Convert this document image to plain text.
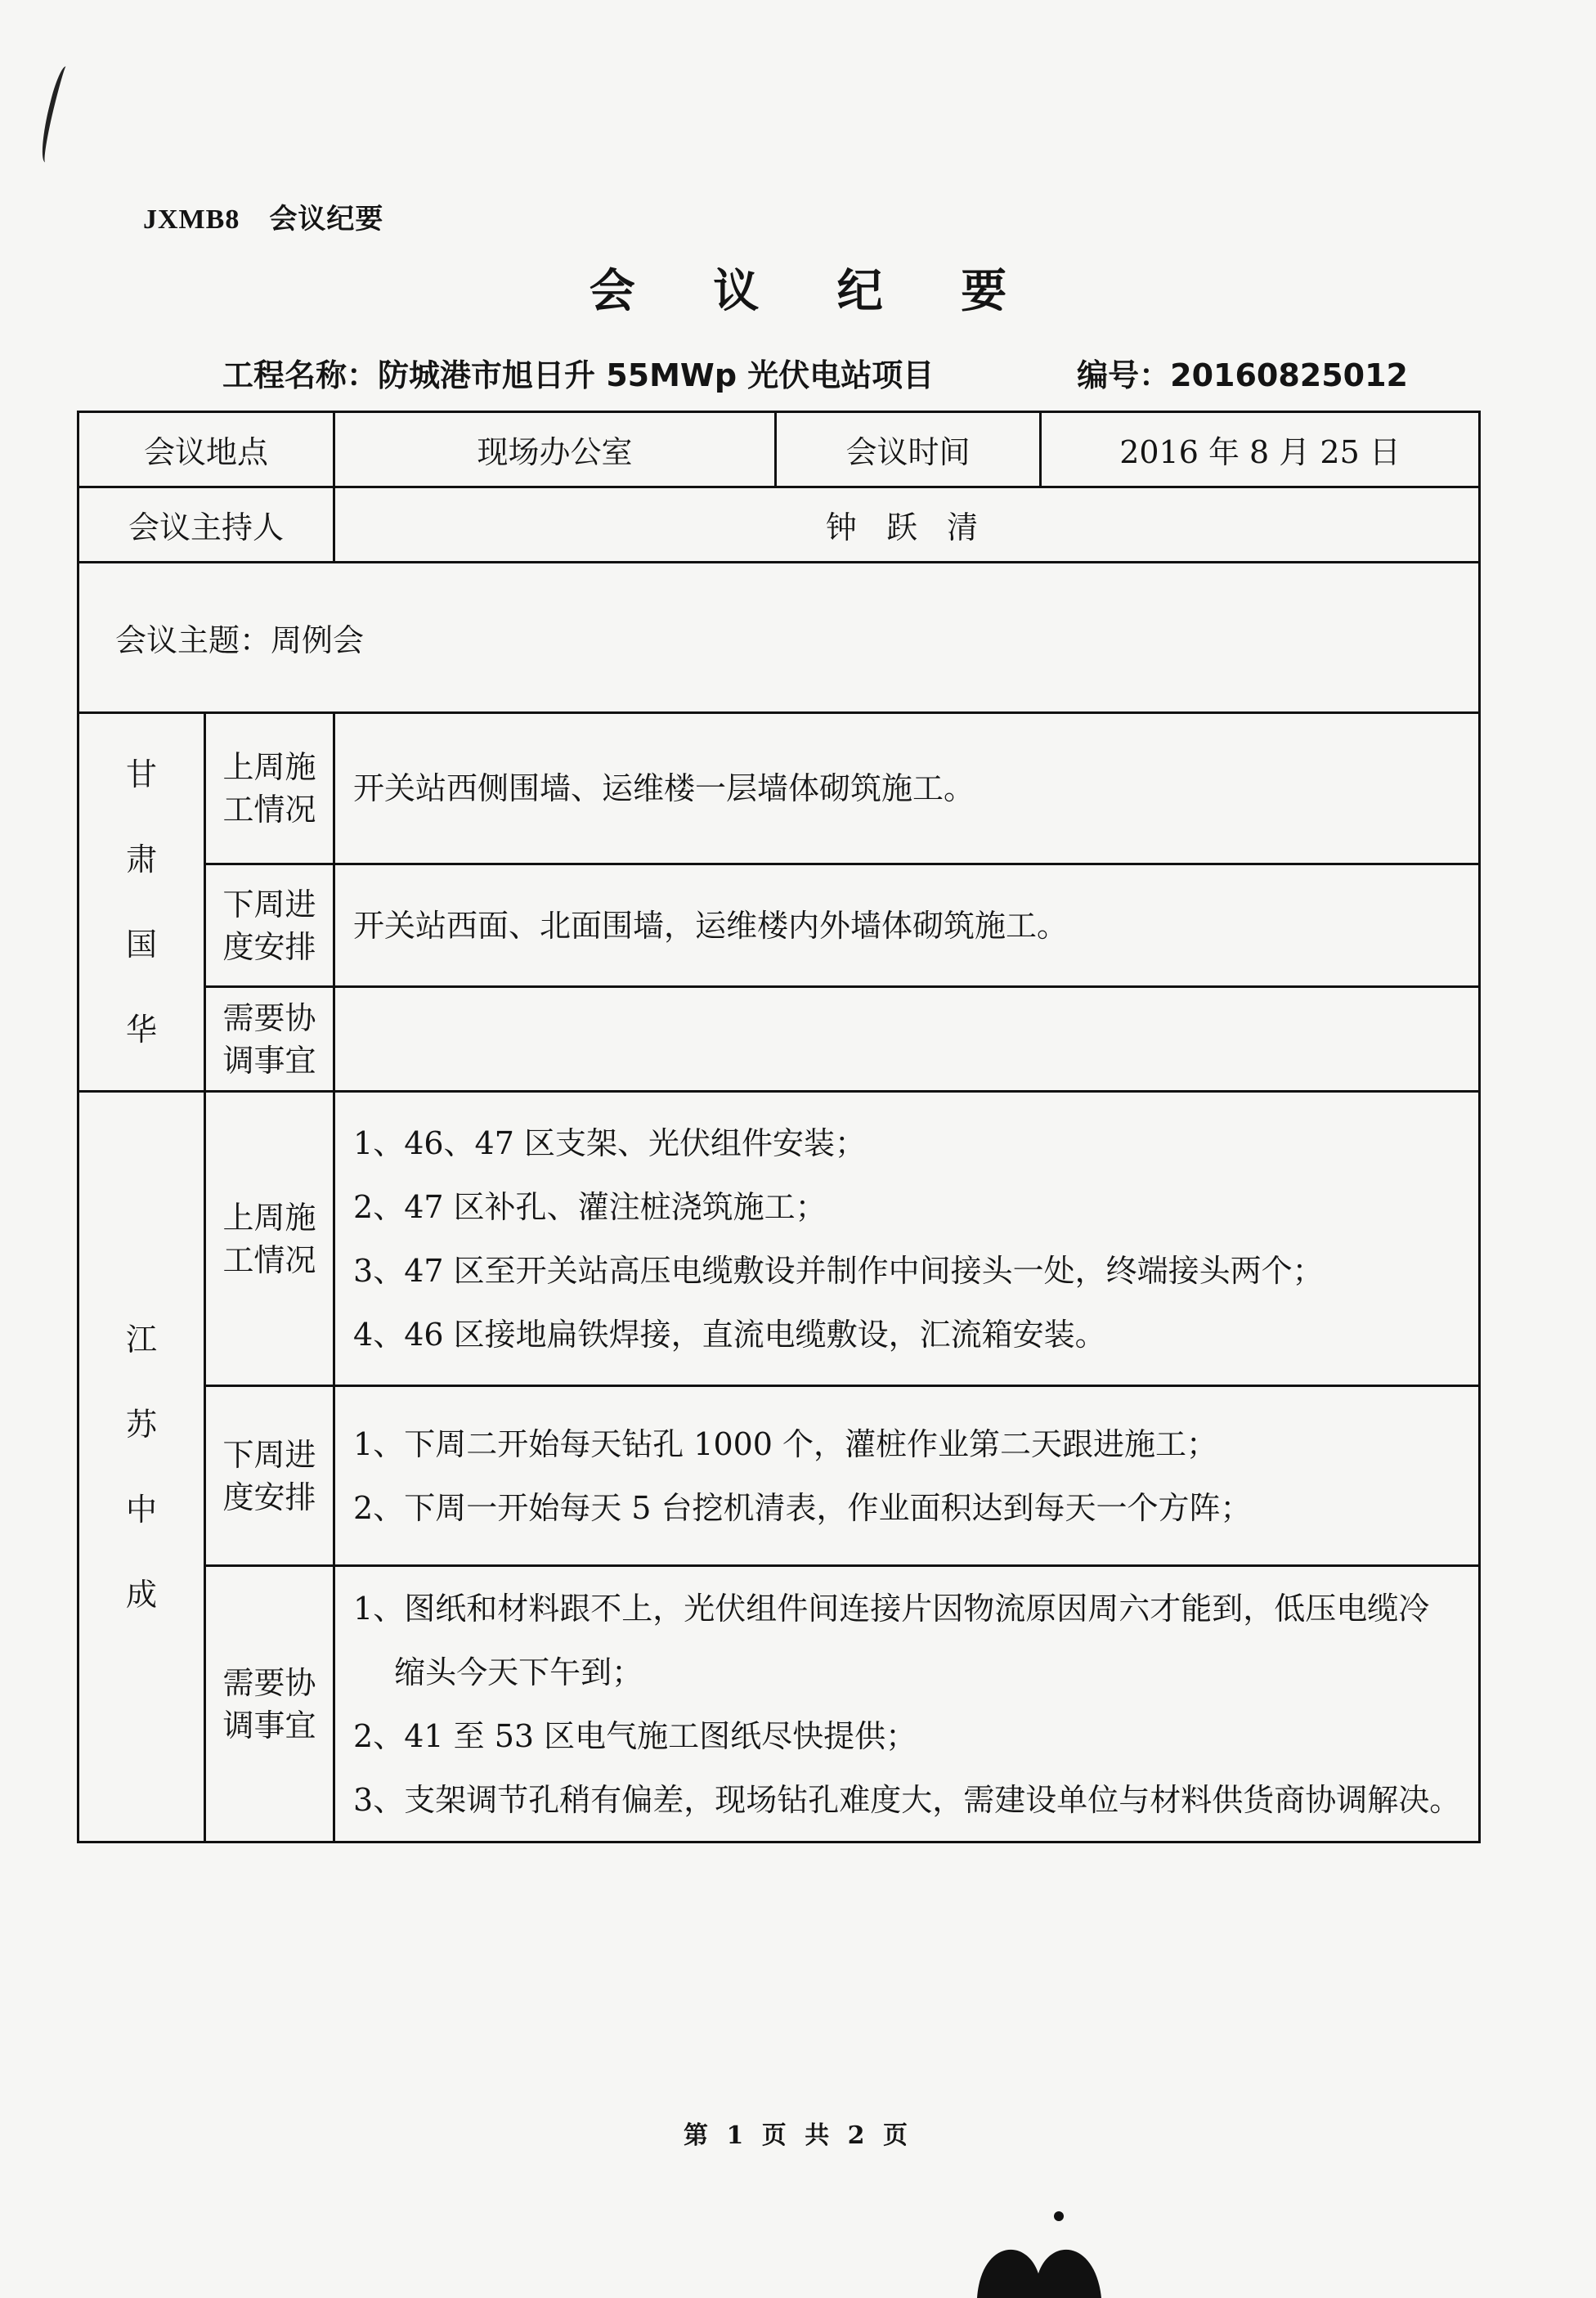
JXMB8 会议纪要
会 议 纪 要
工程名称：防城港市旭日升 55MWp 光伏电站项目	编号：20160825012
会议地点		现场办公室	会议时间	2016 年 8 月 25 日
会议主持人		钟 跃 清		
会议主题：周例会				

甘
肃
国
华	上周施
工情况	开关站西侧围墙、运维楼一层墙体砌筑施工。		

	下周进
度安排	开关站西面、北面围墙，运维楼内外墙体砌筑施工。		

	需要协
调事宜			

江
苏
中
成	上周施
工情况	1、46、47 区支架、光伏组件安装；
2、47 区补孔、灌注桩浇筑施工；
3、47 区至开关站高压电缆敷设并制作中间接头一处，终端接头两个；
4、46 区接地扁铁焊接，直流电缆敷设，汇流箱安装。		

	下周进
度安排	1、下周二开始每天钻孔 1000 个，灌桩作业第二天跟进施工；
2、下周一开始每天 5 台挖机清表，作业面积达到每天一个方阵；		

	需要协
调事宜	1、图纸和材料跟不上，光伏组件间连接片因物流原因周六才能到，低压电缆冷
　 缩头今天下午到；
2、41 至 53 区电气施工图纸尽快提供；
3、支架调节孔稍有偏差，现场钻孔难度大，需建设单位与材料供货商协调解决。		
第 1 页 共 2 页
